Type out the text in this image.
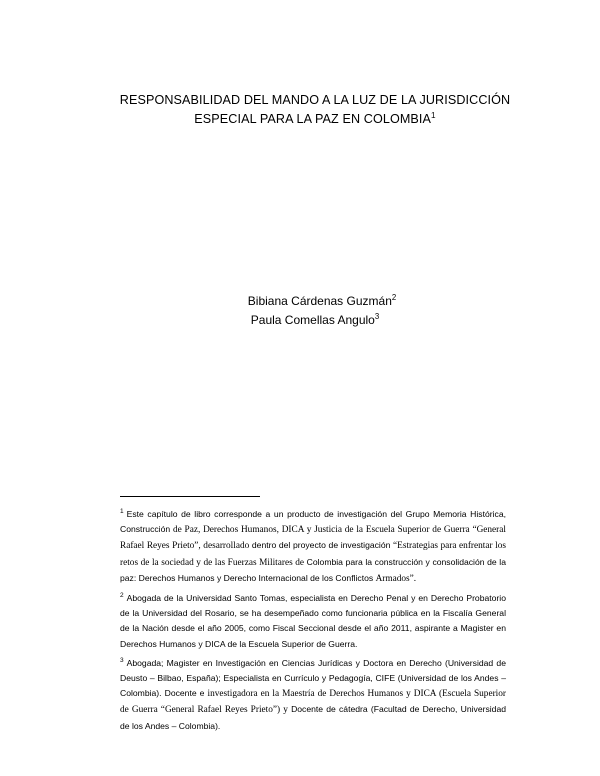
RESPONSABILIDAD DEL MANDO A LA LUZ DE LA JURISDICCIÓN
ESPECIAL PARA LA PAZ EN COLOMBIA$^1$
Bibiana Cárdenas Guzmán$^2$
Paula Comellas Angulo$^3$

1 Este capítulo de libro corresponde a un producto de investigación del Grupo Memoria Histórica, Construcción de Paz, Derechos Humanos, DICA y Justicia de la Escuela Superior de Guerra “General Rafael Reyes Prieto”, desarrollado dentro del proyecto de investigación “Estrategias para enfrentar los retos de la sociedad y de las Fuerzas Militares de Colombia para la construcción y consolidación de la paz: Derechos Humanos y Derecho Internacional de los Conflictos Armados”.

2 Abogada de la Universidad Santo Tomas, especialista en Derecho Penal y en Derecho Probatorio de la Universidad del Rosario, se ha desempeñado como funcionaria pública en la Fiscalía General de la Nación desde el año 2005, como Fiscal Seccional desde el año 2011, aspirante a Magister en Derechos Humanos y DICA de la Escuela Superior de Guerra.

3 Abogada; Magister en Investigación en Ciencias Jurídicas y Doctora en Derecho (Universidad de Deusto – Bilbao, España); Especialista en Currículo y Pedagogía, CIFE (Universidad de los Andes – Colombia). Docente e investigadora en la Maestría de Derechos Humanos y DICA (Escuela Superior de Guerra “General Rafael Reyes Prieto”) y Docente de cátedra (Facultad de Derecho, Universidad de los Andes – Colombia).
